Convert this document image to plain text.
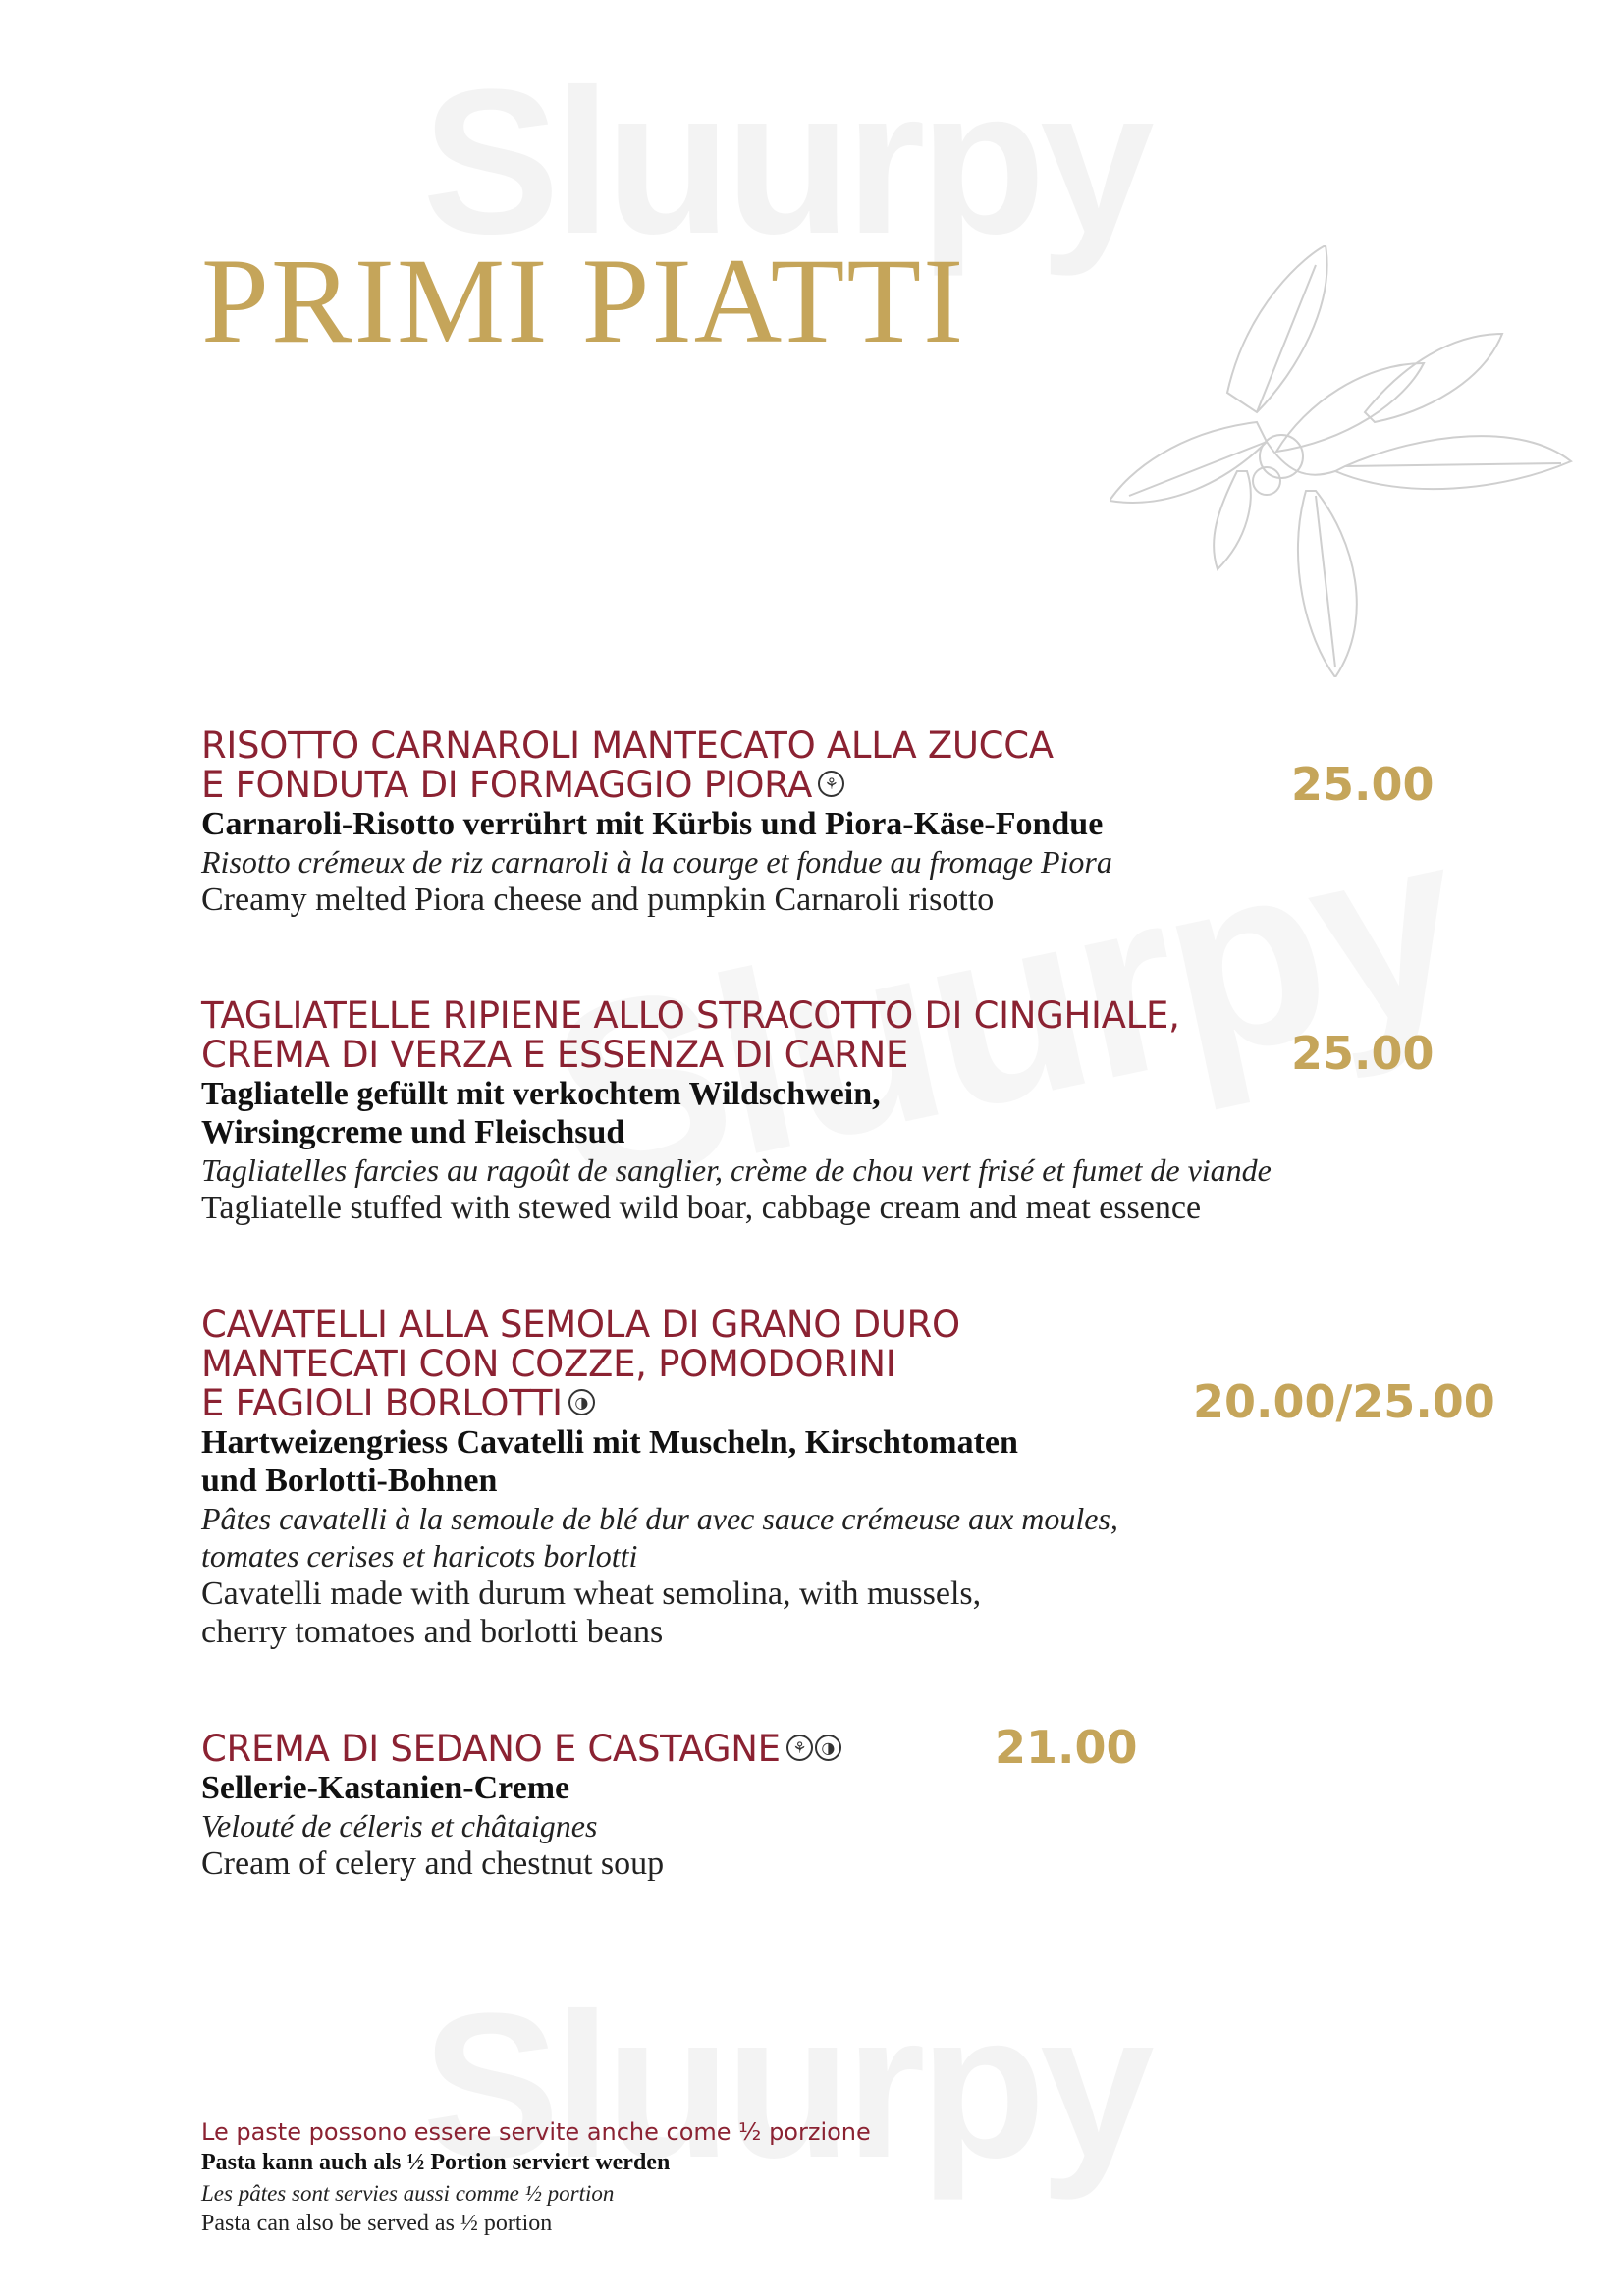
PRIMI PIATTI
RISOTTO CARNAROLI MANTECATO ALLA ZUCCA
E FONDUTA DI FORMAGGIO PIORA ⚘
Carnaroli-Risotto verrührt mit Kürbis und Piora-Käse-Fondue
Risotto crémeux de riz carnaroli à la courge et fondue au fromage Piora
Creamy melted Piora cheese and pumpkin Carnaroli risotto
25.00
TAGLIATELLE RIPIENE ALLO STRACOTTO DI CINGHIALE,
CREMA DI VERZA E ESSENZA DI CARNE
Tagliatelle gefüllt mit verkochtem Wildschwein,
Wirsingcreme und Fleischsud
Tagliatelles farcies au ragoût de sanglier, crème de chou vert frisé et fumet de viande
Tagliatelle stuffed with stewed wild boar, cabbage cream and meat essence
25.00
CAVATELLI ALLA SEMOLA DI GRANO DURO
MANTECATI CON COZZE, POMODORINI
E FAGIOLI BORLOTTI ◑
Hartweizengriess Cavatelli mit Muscheln, Kirschtomaten
und Borlotti-Bohnen
Pâtes cavatelli à la semoule de blé dur avec sauce crémeuse aux moules,
tomates cerises et haricots borlotti
Cavatelli made with durum wheat semolina, with mussels,
cherry tomatoes and borlotti beans
20.00/25.00
CREMA DI SEDANO E CASTAGNE ⚘ ◑
Sellerie-Kastanien-Creme
Velouté de céleris et châtaignes
Cream of celery and chestnut soup
21.00
Le paste possono essere servite anche come ½ porzione
Pasta kann auch als ½ Portion serviert werden
Les pâtes sont servies aussi comme ½ portion
Pasta can also be served as ½ portion
